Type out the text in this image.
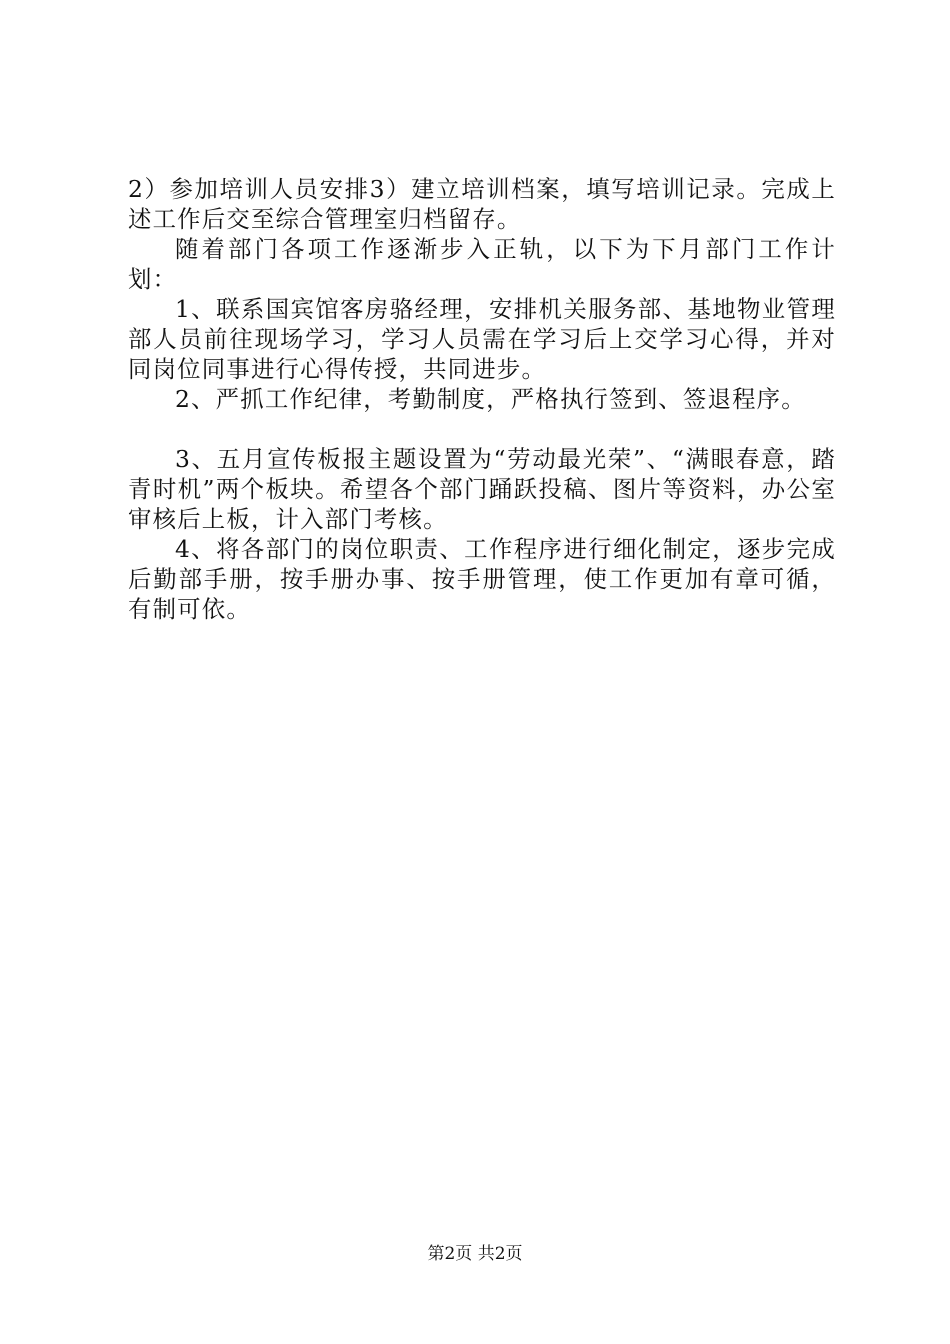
2）参加培训人员安排3）建立培训档案，填写培训记录。完成上述工作后交至综合管理室归档留存。

随着部门各项工作逐渐步入正轨，以下为下月部门工作计划：

1、联系国宾馆客房骆经理，安排机关服务部、基地物业管理部人员前往现场学习，学习人员需在学习后上交学习心得，并对同岗位同事进行心得传授，共同进步。

2、严抓工作纪律，考勤制度，严格执行签到、签退程序。

3、五月宣传板报主题设置为“劳动最光荣”、“满眼春意，踏青时机”两个板块。希望各个部门踊跃投稿、图片等资料，办公室审核后上板，计入部门考核。

4、将各部门的岗位职责、工作程序进行细化制定，逐步完成后勤部手册，按手册办事、按手册管理，使工作更加有章可循，有制可依。

第2页 共2页
